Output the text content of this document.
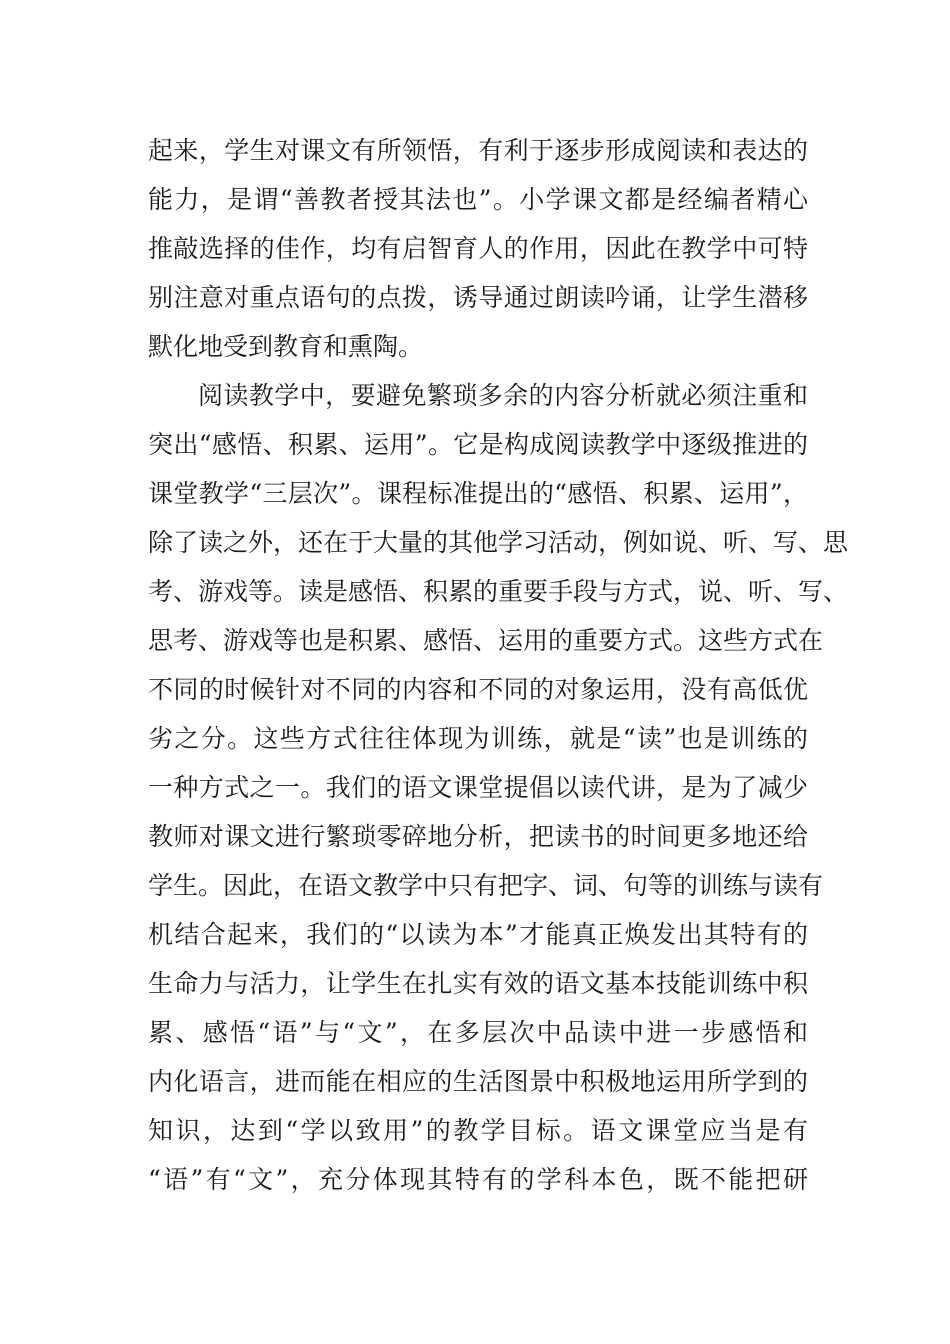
起来，学生对课文有所领悟，有利于逐步形成阅读和表达的
能力，是谓“善教者授其法也”。小学课文都是经编者精心
推敲选择的佳作，均有启智育人的作用，因此在教学中可特
别注意对重点语句的点拨，诱导通过朗读吟诵，让学生潜移
默化地受到教育和熏陶。
阅读教学中，要避免繁琐多余的内容分析就必须注重和
突出“感悟、积累、运用”。它是构成阅读教学中逐级推进的
课堂教学“三层次”。课程标准提出的“感悟、积累、运用”，
除了读之外，还在于大量的其他学习活动，例如说、听、写、思
考、游戏等。读是感悟、积累的重要手段与方式，说、听、写、
思考、游戏等也是积累、感悟、运用的重要方式。这些方式在
不同的时候针对不同的内容和不同的对象运用，没有高低优
劣之分。这些方式往往体现为训练，就是“读”也是训练的
一种方式之一。我们的语文课堂提倡以读代讲，是为了减少
教师对课文进行繁琐零碎地分析，把读书的时间更多地还给
学生。因此，在语文教学中只有把字、词、句等的训练与读有
机结合起来，我们的“以读为本”才能真正焕发出其特有的
生命力与活力，让学生在扎实有效的语文基本技能训练中积
累、感悟“语”与“文”，在多层次中品读中进一步感悟和
内化语言，进而能在相应的生活图景中积极地运用所学到的
知识，达到“学以致用”的教学目标。语文课堂应当是有
“语”有“文”，充分体现其特有的学科本色，既不能把研
